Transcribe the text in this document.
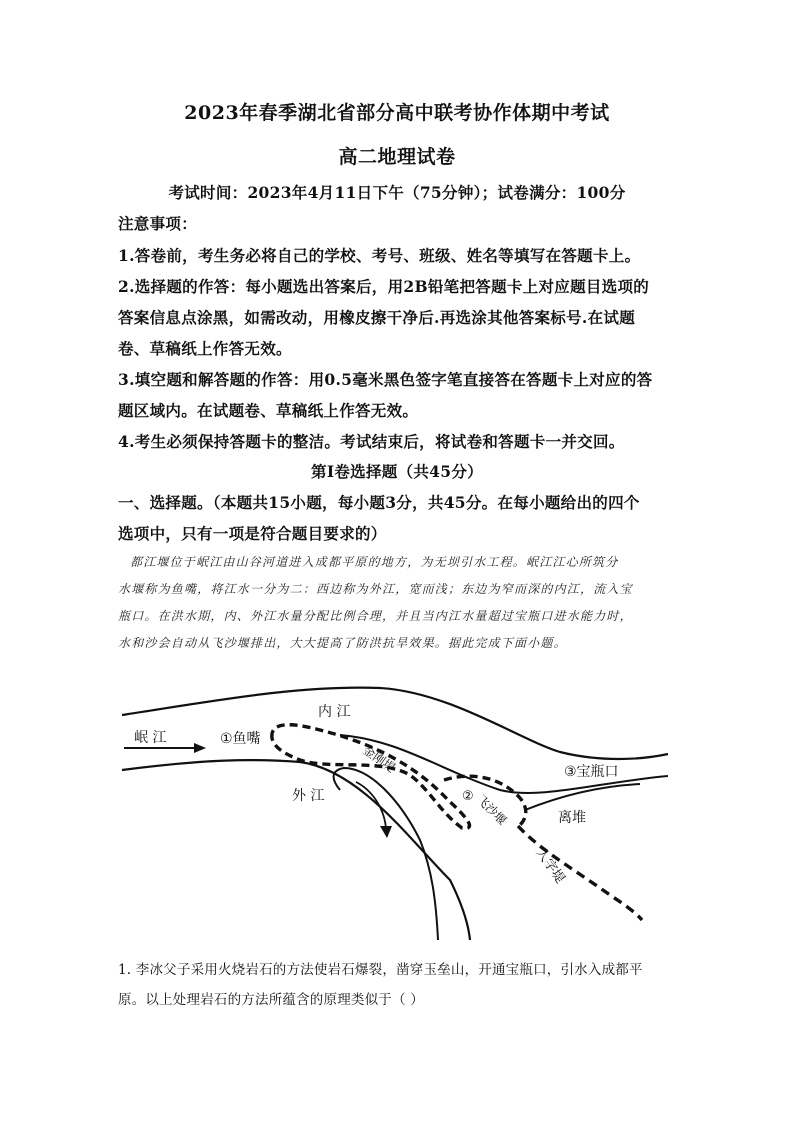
2023年春季湖北省部分高中联考协作体期中考试
高二地理试卷
考试时间：2023年4月11日下午（75分钟）；试卷满分：100分
注意事项：
1.答卷前，考生务必将自己的学校、考号、班级、姓名等填写在答题卡上。
2.选择题的作答：每小题选出答案后，用2B铅笔把答题卡上对应题目选项的
答案信息点涂黑，如需改动，用橡皮擦干净后.再选涂其他答案标号.在试题
卷、草稿纸上作答无效。
3.填空题和解答题的作答：用0.5毫米黑色签字笔直接答在答题卡上对应的答
题区域内。在试题卷、草稿纸上作答无效。
4.考生必须保持答题卡的整洁。考试结束后，将试卷和答题卡一并交回。
第Ⅰ卷选择题（共45分）
一、选择题。（本题共15小题，每小题3分，共45分。在每小题给出的四个
选项中，只有一项是符合题目要求的）
都江堰位于岷江由山谷河道进入成都平原的地方，为无坝引水工程。岷江江心所筑分
水堰称为鱼嘴，将江水一分为二：西边称为外江，宽而浅；东边为窄而深的内江，流入宝
瓶口。在洪水期，内、外江水量分配比例合理，并且当内江水量超过宝瓶口进水能力时，
水和沙会自动从飞沙堰排出，大大提高了防洪抗旱效果。据此完成下面小题。
岷 江	①鱼嘴
内 江
外 江
金刚堤
② 飞沙堰
③宝瓶口
离堆
人字堤
1. 李冰父子采用火烧岩石的方法使岩石爆裂，凿穿玉垒山，开通宝瓶口，引水入成都平
原。以上处理岩石的方法所蕴含的原理类似于（ ）
